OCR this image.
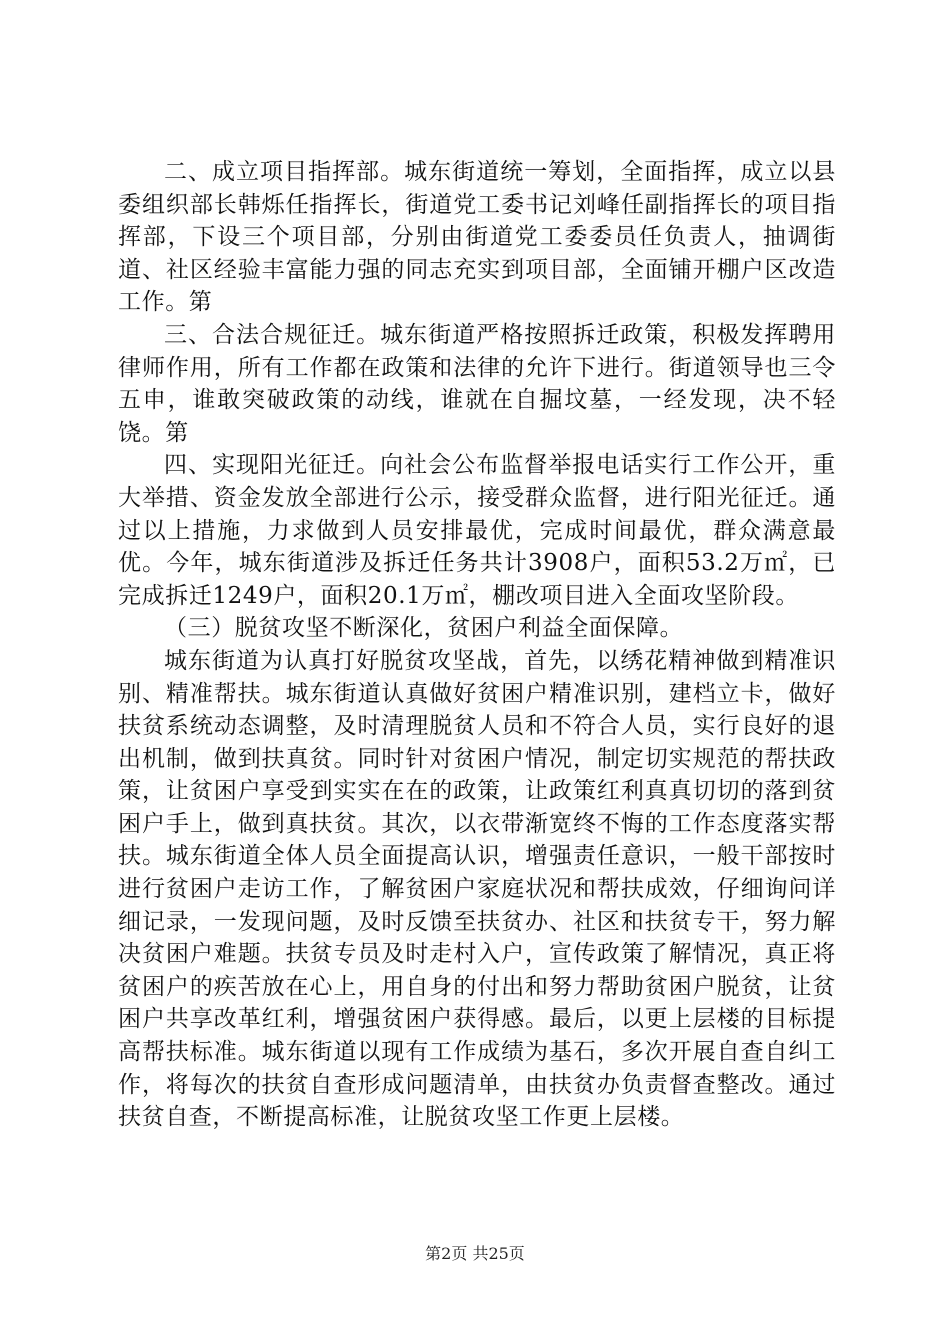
二、成立项目指挥部。城东街道统一筹划，全面指挥，成立以县委组织部长韩烁任指挥长，街道党工委书记刘峰任副指挥长的项目指挥部，下设三个项目部，分别由街道党工委委员任负责人，抽调街道、社区经验丰富能力强的同志充实到项目部，全面铺开棚户区改造工作。第

三、合法合规征迁。城东街道严格按照拆迁政策，积极发挥聘用律师作用，所有工作都在政策和法律的允许下进行。街道领导也三令五申，谁敢突破政策的动线，谁就在自掘坟墓，一经发现，决不轻饶。第

四、实现阳光征迁。向社会公布监督举报电话实行工作公开，重大举措、资金发放全部进行公示，接受群众监督，进行阳光征迁。通过以上措施，力求做到人员安排最优，完成时间最优，群众满意最优。今年，城东街道涉及拆迁任务共计3908户，面积53.2万㎡，已完成拆迁1249户，面积20.1万㎡，棚改项目进入全面攻坚阶段。

（三）脱贫攻坚不断深化，贫困户利益全面保障。

城东街道为认真打好脱贫攻坚战，首先，以绣花精神做到精准识别、精准帮扶。城东街道认真做好贫困户精准识别，建档立卡，做好扶贫系统动态调整，及时清理脱贫人员和不符合人员，实行良好的退出机制，做到扶真贫。同时针对贫困户情况，制定切实规范的帮扶政策，让贫困户享受到实实在在的政策，让政策红利真真切切的落到贫困户手上，做到真扶贫。其次，以衣带渐宽终不悔的工作态度落实帮扶。城东街道全体人员全面提高认识，增强责任意识，一般干部按时进行贫困户走访工作，了解贫困户家庭状况和帮扶成效，仔细询问详细记录，一发现问题，及时反馈至扶贫办、社区和扶贫专干，努力解决贫困户难题。扶贫专员及时走村入户，宣传政策了解情况，真正将贫困户的疾苦放在心上，用自身的付出和努力帮助贫困户脱贫，让贫困户共享改革红利，增强贫困户获得感。最后，以更上层楼的目标提高帮扶标准。城东街道以现有工作成绩为基石，多次开展自查自纠工作，将每次的扶贫自查形成问题清单，由扶贫办负责督查整改。通过扶贫自查，不断提高标准，让脱贫攻坚工作更上层楼。

第2页 共25页
